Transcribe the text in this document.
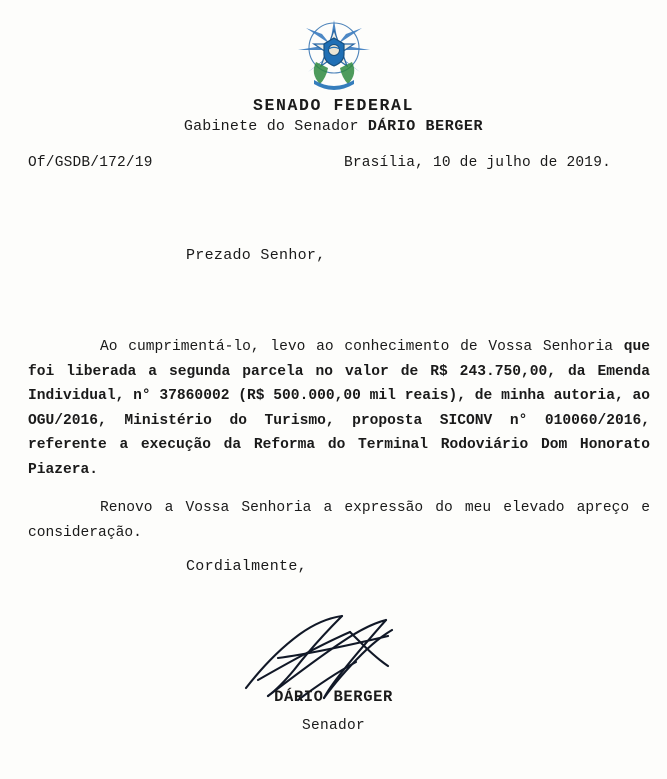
SENADO FEDERAL
Gabinete do Senador DÁRIO BERGER
Of/GSDB/172/19	Brasília, 10 de julho de 2019.
Prezado Senhor,

Ao cumprimentá-lo, levo ao conhecimento de Vossa Senhoria que foi liberada a segunda parcela no valor de R$ 243.750,00, da Emenda Individual, n° 37860002 (R$ 500.000,00 mil reais), de minha autoria, ao OGU/2016, Ministério do Turismo, proposta SICONV n° 010060/2016, referente a execução da Reforma do Terminal Rodoviário Dom Honorato Piazera.

Renovo a Vossa Senhoria a expressão do meu elevado apreço e consideração.

Cordialmente,
DÁRIO BERGER
Senador
